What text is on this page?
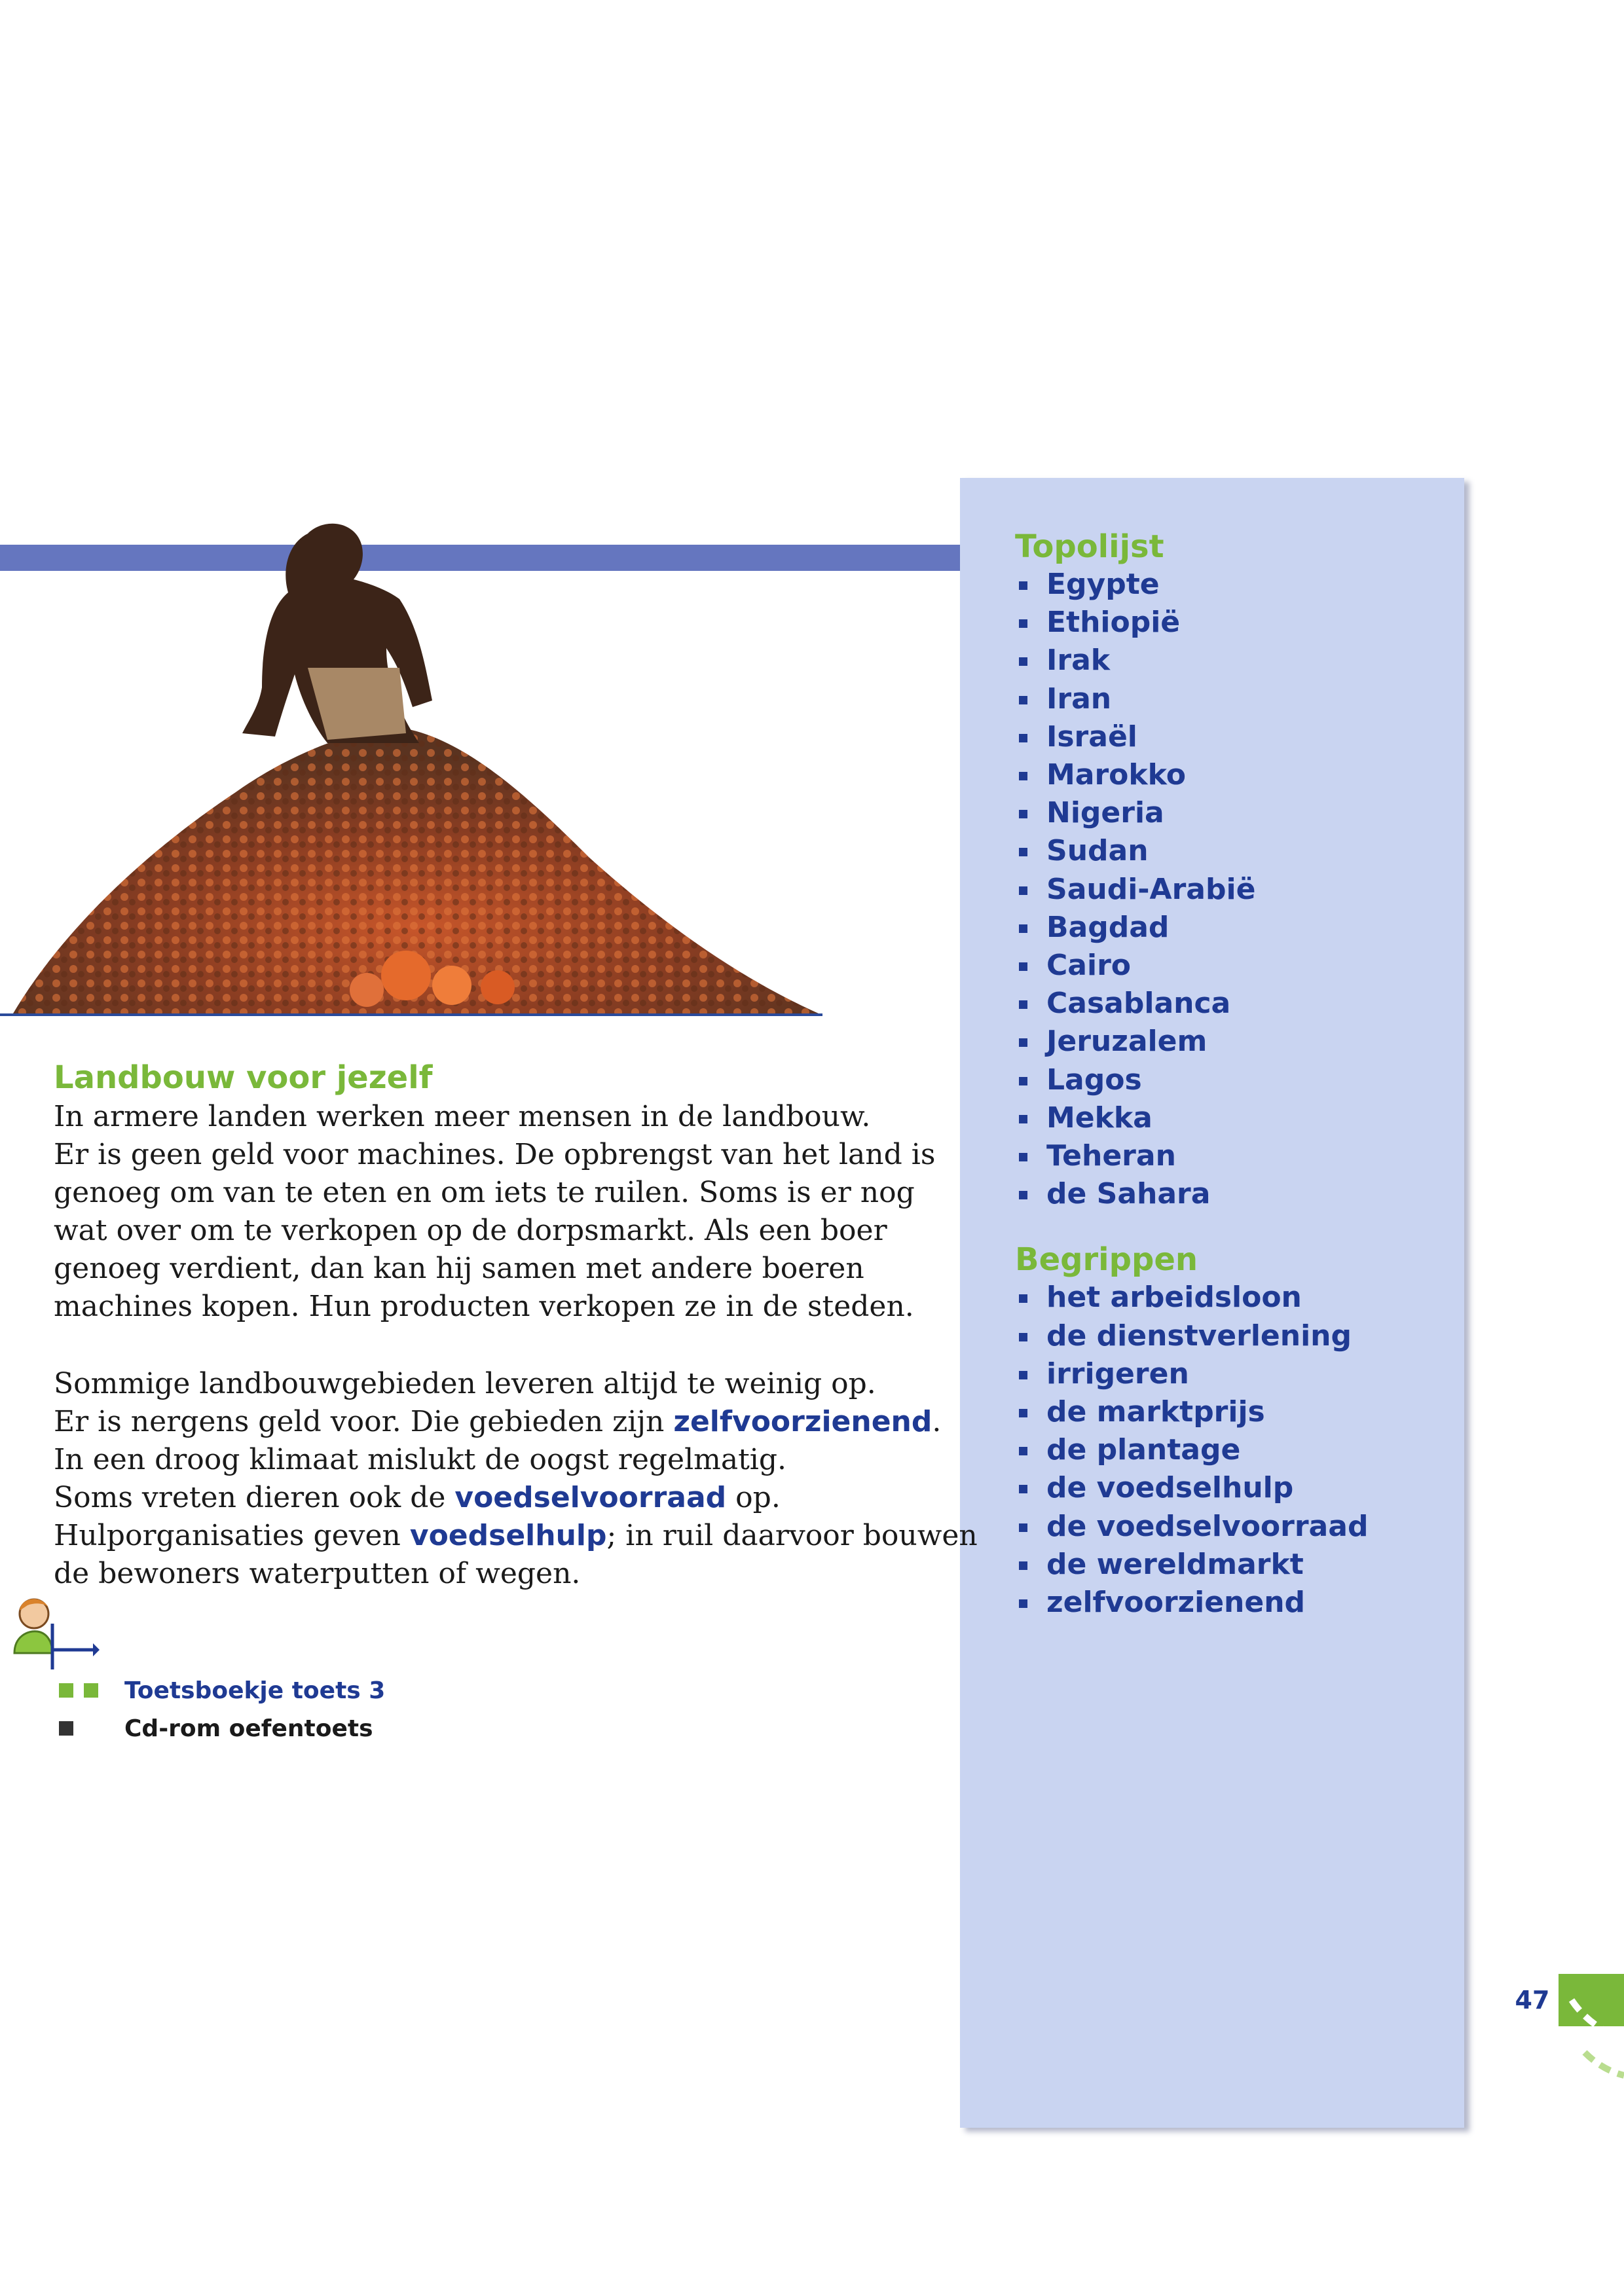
Topolijst
Egypte
Ethiopië
Irak
Iran
Israël
Marokko
Nigeria
Sudan
Saudi-Arabië
Bagdad
Cairo
Casablanca
Jeruzalem
Lagos
Mekka
Teheran
de Sahara
Begrippen
het arbeidsloon
de dienstverlening
irrigeren
de marktprijs
de plantage
de voedselhulp
de voedselvoorraad
de wereldmarkt
zelfvoorzienend
Landbouw voor jezelf
In armere landen werken meer mensen in de landbouw.
Er is geen geld voor machines. De opbrengst van het land is
genoeg om van te eten en om iets te ruilen. Soms is er nog
wat over om te verkopen op de dorpsmarkt. Als een boer
genoeg verdient, dan kan hij samen met andere boeren
machines kopen. Hun producten verkopen ze in de steden.
Sommige landbouwgebieden leveren altijd te weinig op.
Er is nergens geld voor. Die gebieden zijn zelfvoorzienend.
In een droog klimaat mislukt de oogst regelmatig.
Soms vreten dieren ook de voedselvoorraad op.
Hulporganisaties geven voedselhulp; in ruil daarvoor bouwen
de bewoners waterputten of wegen.
Toetsboekje toets 3
Cd-rom oefentoets
47
